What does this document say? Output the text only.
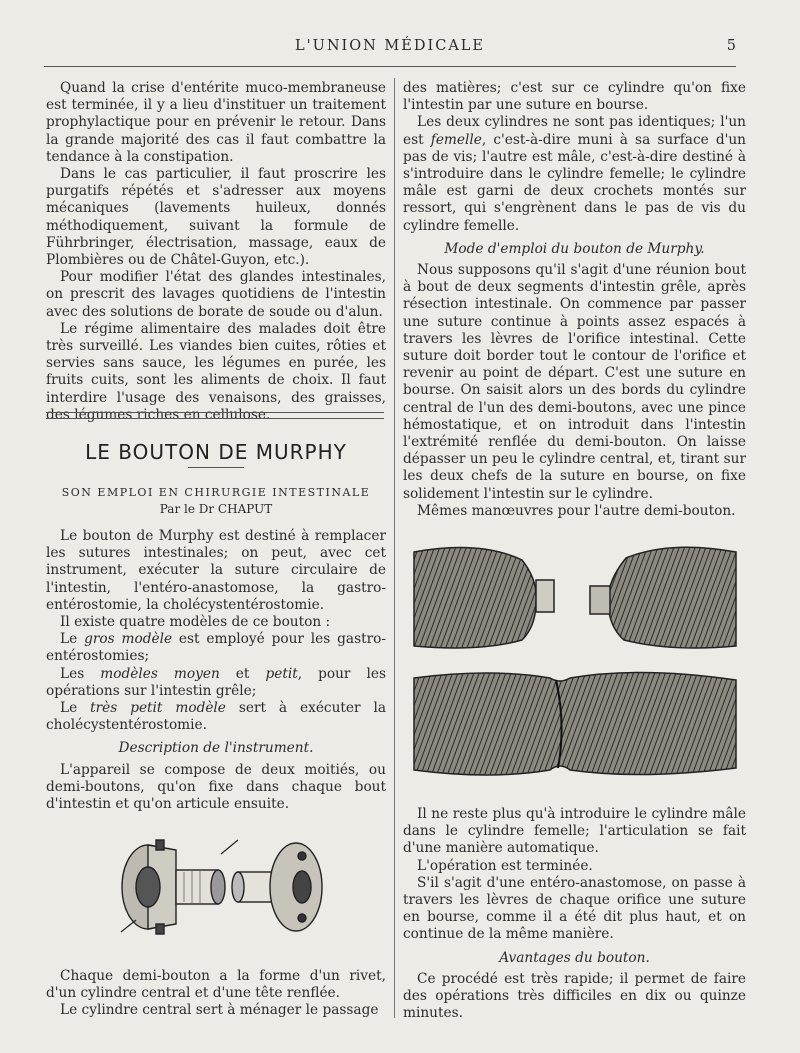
L'UNION MÉDICALE	5

Quand la crise d'entérite muco-membraneuse est terminée, il y a lieu d'instituer un traitement prophylactique pour en prévenir le retour. Dans la grande majorité des cas il faut combattre la tendance à la constipation.

Dans le cas particulier, il faut proscrire les purgatifs répétés et s'adresser aux moyens mécaniques (lavements huileux, donnés méthodiquement, suivant la formule de Führbringer, électrisation, massage, eaux de Plombières ou de Châtel-Guyon, etc.).

Pour modifier l'état des glandes intestinales, on prescrit des lavages quotidiens de l'intestin avec des solutions de borate de soude ou d'alun.

Le régime alimentaire des malades doit être très surveillé. Les viandes bien cuites, rôties et servies sans sauce, les légumes en purée, les fruits cuits, sont les aliments de choix. Il faut interdire l'usage des venaisons, des graisses, des légumes riches en cellulose.

LE BOUTON DE MURPHY
SON EMPLOI EN CHIRURGIE INTESTINALE
Par le Dr CHAPUT

Le bouton de Murphy est destiné à remplacer les sutures intestinales; on peut, avec cet instrument, exécuter la suture circulaire de l'intestin, l'entéro-anastomose, la gastro-entérostomie, la cholécystentérostomie.

Il existe quatre modèles de ce bouton :

Le gros modèle est employé pour les gastro-entérostomies;

Les modèles moyen et petit, pour les opérations sur l'intestin grêle;

Le très petit modèle sert à exécuter la cholécystentérostomie.

Description de l'instrument.

L'appareil se compose de deux moitiés, ou demi-boutons, qu'on fixe dans chaque bout d'intestin et qu'on articule ensuite.

Chaque demi-bouton a la forme d'un rivet, d'un cylindre central et d'une tête renflée.

Le cylindre central sert à ménager le passage

des matières; c'est sur ce cylindre qu'on fixe l'intestin par une suture en bourse.

Les deux cylindres ne sont pas identiques; l'un est femelle, c'est-à-dire muni à sa surface d'un pas de vis; l'autre est mâle, c'est-à-dire destiné à s'introduire dans le cylindre femelle; le cylindre mâle est garni de deux crochets montés sur ressort, qui s'engrènent dans le pas de vis du cylindre femelle.

Mode d'emploi du bouton de Murphy.

Nous supposons qu'il s'agit d'une réunion bout à bout de deux segments d'intestin grêle, après résection intestinale. On commence par passer une suture continue à points assez espacés à travers les lèvres de l'orifice intestinal. Cette suture doit border tout le contour de l'orifice et revenir au point de départ. C'est une suture en bourse. On saisit alors un des bords du cylindre central de l'un des demi-boutons, avec une pince hémostatique, et on introduit dans l'intestin l'extrémité renflée du demi-bouton. On laisse dépasser un peu le cylindre central, et, tirant sur les deux chefs de la suture en bourse, on fixe solidement l'intestin sur le cylindre.

Mêmes manœuvres pour l'autre demi-bouton.

Il ne reste plus qu'à introduire le cylindre mâle dans le cylindre femelle; l'articulation se fait d'une manière automatique.

L'opération est terminée.

S'il s'agit d'une entéro-anastomose, on passe à travers les lèvres de chaque orifice une suture en bourse, comme il a été dit plus haut, et on continue de la même manière.

Avantages du bouton.

Ce procédé est très rapide; il permet de faire des opérations très difficiles en dix ou quinze minutes.
